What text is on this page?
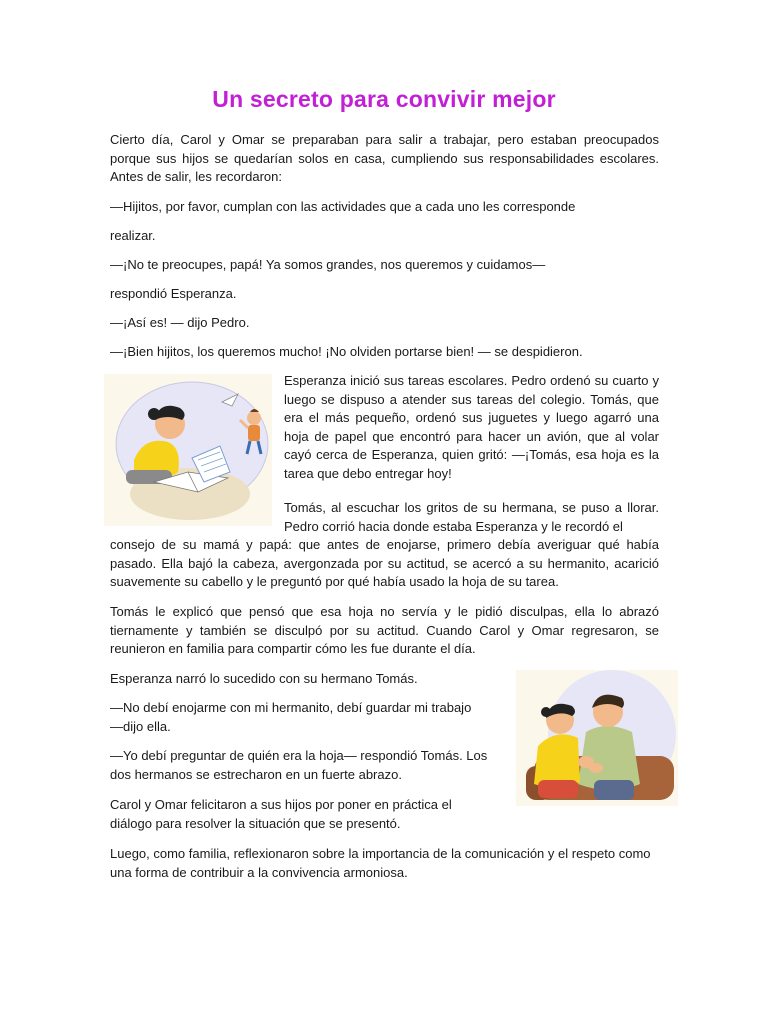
Un secreto para convivir mejor

Cierto día, Carol y Omar se preparaban para salir a trabajar, pero estaban preocupados porque sus hijos se quedarían solos en casa, cumpliendo sus responsabilidades escolares. Antes de salir, les recordaron:

—Hijitos, por favor, cumplan con las actividades que a cada uno les corresponde

realizar.

—¡No te preocupes, papá! Ya somos grandes, nos queremos y cuidamos—

respondió Esperanza.

—¡Así es! — dijo Pedro.

—¡Bien hijitos, los queremos mucho! ¡No olviden portarse bien! — se despidieron.

Esperanza inició sus tareas escolares. Pedro ordenó su cuarto y luego se dispuso a atender sus tareas del colegio. Tomás, que era el más pequeño, ordenó sus juguetes y luego agarró una hoja de papel que encontró para hacer un avión, que al volar cayó cerca de Esperanza, quien gritó: —¡Tomás, esa hoja es la tarea que debo entregar hoy!

Tomás, al escuchar los gritos de su hermana, se puso a llorar. Pedro corrió hacia donde estaba Esperanza y le recordó el

consejo de su mamá y papá: que antes de enojarse, primero debía averiguar qué había pasado. Ella bajó la cabeza, avergonzada por su actitud, se acercó a su hermanito, acarició suavemente su cabello y le preguntó por qué había usado la hoja de su tarea.

Tomás le explicó que pensó que esa hoja no servía y le pidió disculpas, ella lo abrazó tiernamente y también se disculpó por su actitud. Cuando Carol y Omar regresaron, se reunieron en familia para compartir cómo les fue durante el día.

Esperanza narró lo sucedido con su hermano Tomás.

—No debí enojarme con mi hermanito, debí guardar mi trabajo—dijo ella.

—Yo debí preguntar de quién era la hoja— respondió Tomás. Los dos hermanos se estrecharon en un fuerte abrazo.

Carol y Omar felicitaron a sus hijos por poner en práctica el diálogo para resolver la situación que se presentó.

Luego, como familia, reflexionaron sobre la importancia de la comunicación y el respeto como una forma de contribuir a la convivencia armoniosa.
